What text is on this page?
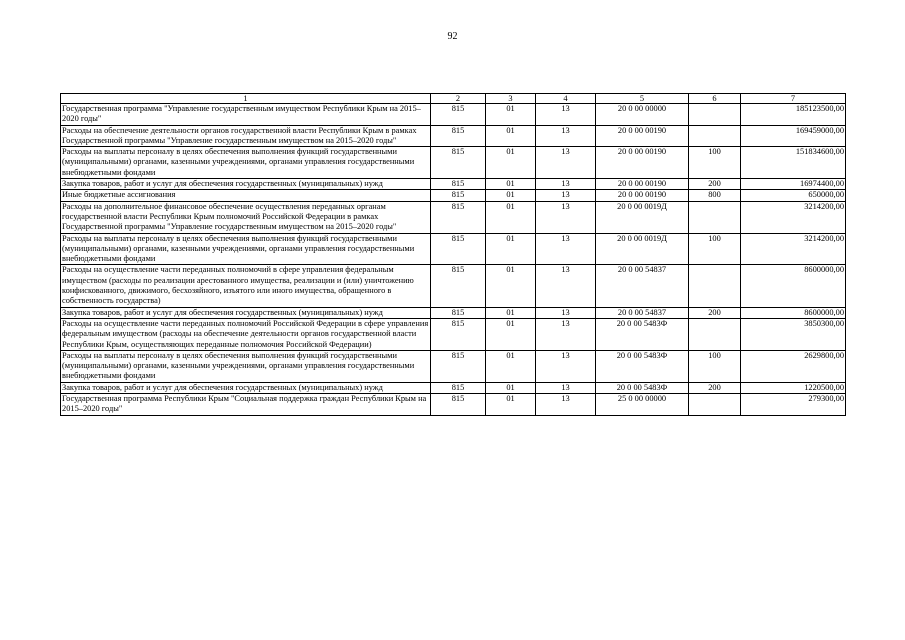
92
1	2	3	4	5	6	7
Государственная программа "Управление государственным имуществом Республики Крым на 2015–2020 годы"	815	01	13	20 0 00 00000		185123500,00
Расходы на обеспечение деятельности органов государственной власти Республики Крым в рамках Государственной программы "Управление государственным имуществом на 2015–2020 годы"	815	01	13	20 0 00 00190		169459000,00
Расходы на выплаты персоналу в целях обеспечения выполнения функций государственными (муниципальными) органами, казенными учреждениями, органами управления государственными внебюджетными фондами	815	01	13	20 0 00 00190	100	151834600,00
Закупка товаров, работ и услуг для обеспечения государственных (муниципальных) нужд	815	01	13	20 0 00 00190	200	16974400,00
Иные бюджетные ассигнования	815	01	13	20 0 00 00190	800	650000,00
Расходы на дополнительное финансовое обеспечение осуществления переданных органам государственной власти Республики Крым полномочий Российской Федерации в рамках Государственной программы "Управление государственным имуществом на 2015–2020 годы"	815	01	13	20 0 00 0019Д		3214200,00
Расходы на выплаты персоналу в целях обеспечения выполнения функций государственными (муниципальными) органами, казенными учреждениями, органами управления государственными внебюджетными фондами	815	01	13	20 0 00 0019Д	100	3214200,00
Расходы на осуществление части переданных полномочий в сфере управления федеральным имуществом (расходы по реализации арестованного имущества, реализации и (или) уничтожению конфискованного, движимого, бесхозяйного, изъятого или иного имущества, обращенного в собственность государства)	815	01	13	20 0 00 54837		8600000,00
Закупка товаров, работ и услуг для обеспечения государственных (муниципальных) нужд	815	01	13	20 0 00 54837	200	8600000,00
Расходы на осуществление части переданных полномочий Российской Федерации в сфере управления федеральным имуществом (расходы на обеспечение деятельности органов государственной власти Республики Крым, осуществляющих переданные полномочия Российской Федерации)	815	01	13	20 0 00 5483Ф		3850300,00
Расходы на выплаты персоналу в целях обеспечения выполнения функций государственными (муниципальными) органами, казенными учреждениями, органами управления государственными внебюджетными фондами	815	01	13	20 0 00 5483Ф	100	2629800,00
Закупка товаров, работ и услуг для обеспечения государственных (муниципальных) нужд	815	01	13	20 0 00 5483Ф	200	1220500,00
Государственная программа Республики Крым "Социальная поддержка граждан Республики Крым на 2015–2020 годы"	815	01	13	25 0 00 00000		279300,00
